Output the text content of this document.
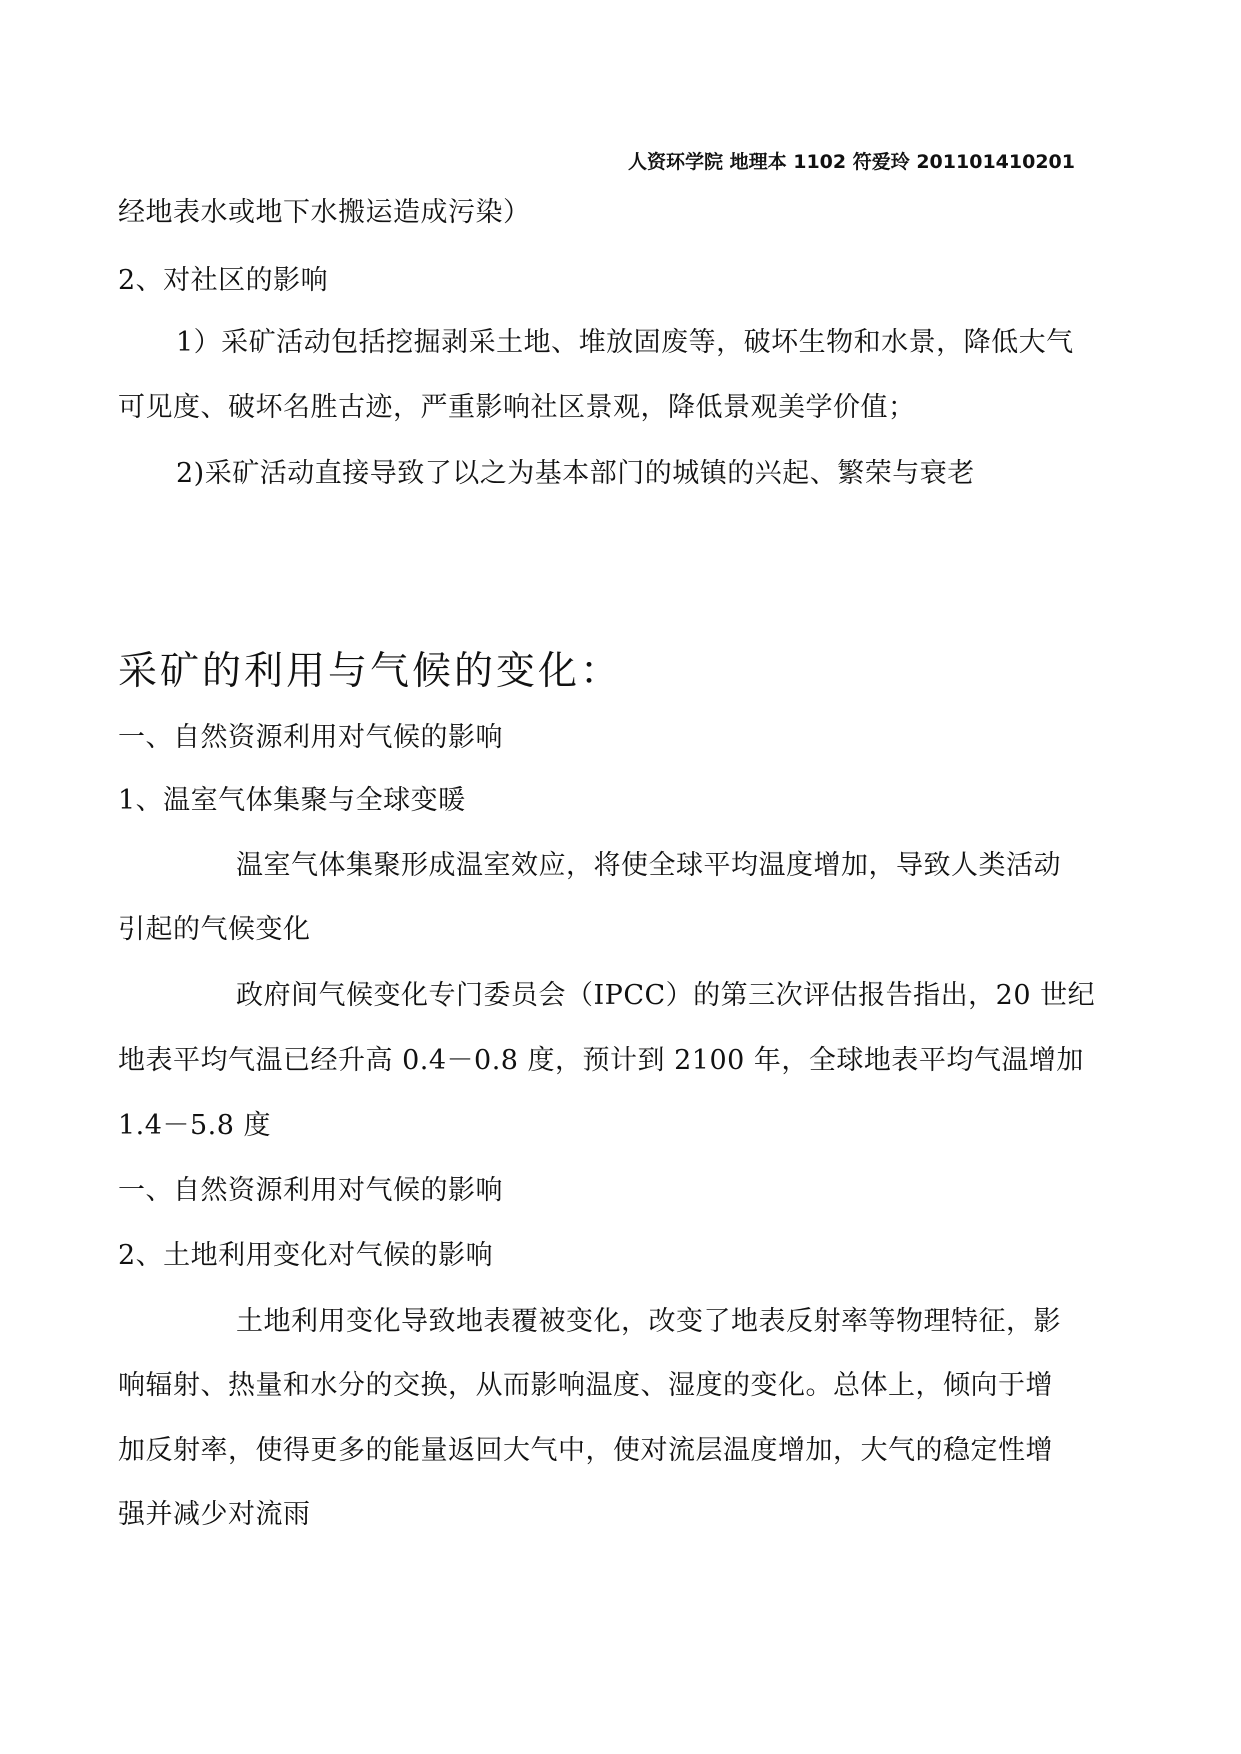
人资环学院 地理本 1102 符爱玲 201101410201
经地表水或地下水搬运造成污染）
2、对社区的影响
1）采矿活动包括挖掘剥采土地、堆放固废等，破坏生物和水景，降低大气
可见度、破坏名胜古迹，严重影响社区景观，降低景观美学价值；
2)采矿活动直接导致了以之为基本部门的城镇的兴起、繁荣与衰老
采矿的利用与气候的变化：
一、自然资源利用对气候的影响
1、温室气体集聚与全球变暖
温室气体集聚形成温室效应，将使全球平均温度增加，导致人类活动
引起的气候变化
政府间气候变化专门委员会（IPCC）的第三次评估报告指出，20 世纪
地表平均气温已经升高 0.4－0.8 度，预计到 2100 年，全球地表平均气温增加
1.4－5.8 度
一、自然资源利用对气候的影响
2、土地利用变化对气候的影响
土地利用变化导致地表覆被变化，改变了地表反射率等物理特征，影
响辐射、热量和水分的交换，从而影响温度、湿度的变化。总体上，倾向于增
加反射率，使得更多的能量返回大气中，使对流层温度增加，大气的稳定性增
强并减少对流雨
